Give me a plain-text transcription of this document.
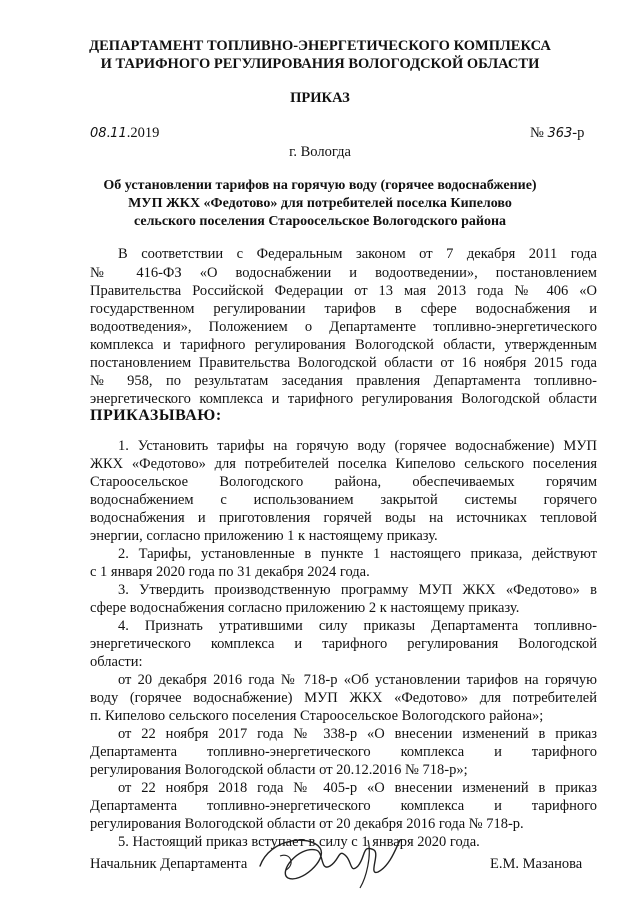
ДЕПАРТАМЕНТ ТОПЛИВНО-ЭНЕРГЕТИЧЕСКОГО КОМПЛЕКСА
И ТАРИФНОГО РЕГУЛИРОВАНИЯ ВОЛОГОДСКОЙ ОБЛАСТИ
ПРИКАЗ
08.11.2019	№ 363-р
г. Вологда
Об установлении тарифов на горячую воду (горячее водоснабжение)
МУП ЖКХ «Федотово» для потребителей поселка Кипелово
сельского поселения Староосельское Вологодского района
В соответствии с Федеральным законом от 7 декабря 2011 года
№ 416-ФЗ «О водоснабжении и водоотведении», постановлением
Правительства Российской Федерации от 13 мая 2013 года № 406 «О
государственном регулировании тарифов в сфере водоснабжения и
водоотведения», Положением о Департаменте топливно-энергетического
комплекса и тарифного регулирования Вологодской области, утвержденным
постановлением Правительства Вологодской области от 16 ноября 2015 года
№ 958, по результатам заседания правления Департамента топливно-
энергетического комплекса и тарифного регулирования Вологодской области
ПРИКАЗЫВАЮ:
1. Установить тарифы на горячую воду (горячее водоснабжение) МУП
ЖКХ «Федотово» для потребителей поселка Кипелово сельского поселения
Староосельское Вологодского района, обеспечиваемых горячим
водоснабжением с использованием закрытой системы горячего
водоснабжения и приготовления горячей воды на источниках тепловой
энергии, согласно приложению 1 к настоящему приказу.
2. Тарифы, установленные в пункте 1 настоящего приказа, действуют
с 1 января 2020 года по 31 декабря 2024 года.
3. Утвердить производственную программу МУП ЖКХ «Федотово» в
сфере водоснабжения согласно приложению 2 к настоящему приказу.
4. Признать утратившими силу приказы Департамента топливно-
энергетического комплекса и тарифного регулирования Вологодской
области:
от 20 декабря 2016 года № 718-р «Об установлении тарифов на горячую
воду (горячее водоснабжение) МУП ЖКХ «Федотово» для потребителей
п. Кипелово сельского поселения Староосельское Вологодского района»;
от 22 ноября 2017 года № 338-р «О внесении изменений в приказ
Департамента топливно-энергетического комплекса и тарифного
регулирования Вологодской области от 20.12.2016 № 718-р»;
от 22 ноября 2018 года № 405-р «О внесении изменений в приказ
Департамента топливно-энергетического комплекса и тарифного
регулирования Вологодской области от 20 декабря 2016 года № 718-р.
5. Настоящий приказ вступает в силу с 1 января 2020 года.
Начальник Департамента	Е.М. Мазанова
